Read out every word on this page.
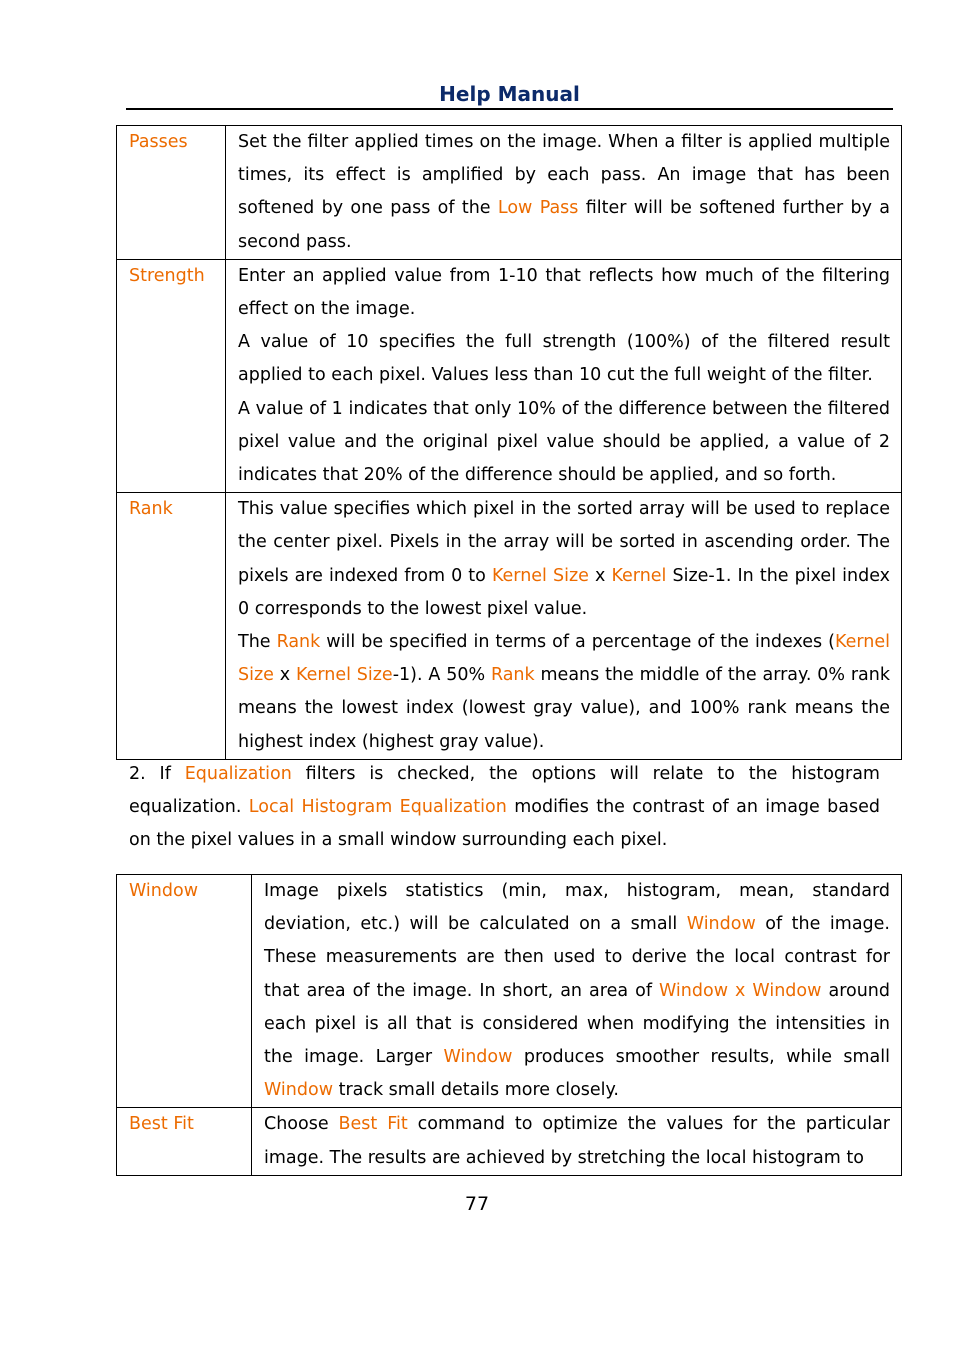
Help Manual
Passes	Set the filter applied times on the image. When a filter is applied multiple times, its effect is amplified by each pass. An image that has been softened by one pass of the Low Pass filter will be softened further by a second pass.

Strength	Enter an applied value from 1-10 that reflects how much of the filtering effect on the image.
A value of 10 specifies the full strength (100%) of the filtered result applied to each pixel. Values less than 10 cut the full weight of the filter.
A value of 1 indicates that only 10% of the difference between the filtered pixel value and the original pixel value should be applied, a value of 2 indicates that 20% of the difference should be applied, and so forth.

Rank	This value specifies which pixel in the sorted array will be used to replace the center pixel. Pixels in the array will be sorted in ascending order. The pixels are indexed from 0 to Kernel Size x Kernel Size-1. In the pixel index 0 corresponds to the lowest pixel value.
The Rank will be specified in terms of a percentage of the indexes (Kernel Size x Kernel Size-1). A 50% Rank means the middle of the array. 0% rank means the lowest index (lowest gray value), and 100% rank means the highest index (highest gray value).
2. If Equalization filters is checked, the options will relate to the histogram equalization. Local Histogram Equalization modifies the contrast of an image based on the pixel values in a small window surrounding each pixel.
Window	Image pixels statistics (min, max, histogram, mean, standard deviation, etc.) will be calculated on a small Window of the image. These measurements are then used to derive the local contrast for that area of the image. In short, an area of Window x Window around each pixel is all that is considered when modifying the intensities in the image. Larger Window produces smoother results, while small Window track small details more closely.

Best Fit	Choose Best Fit command to optimize the values for the particular image. The results are achieved by stretching the local histogram to
77
